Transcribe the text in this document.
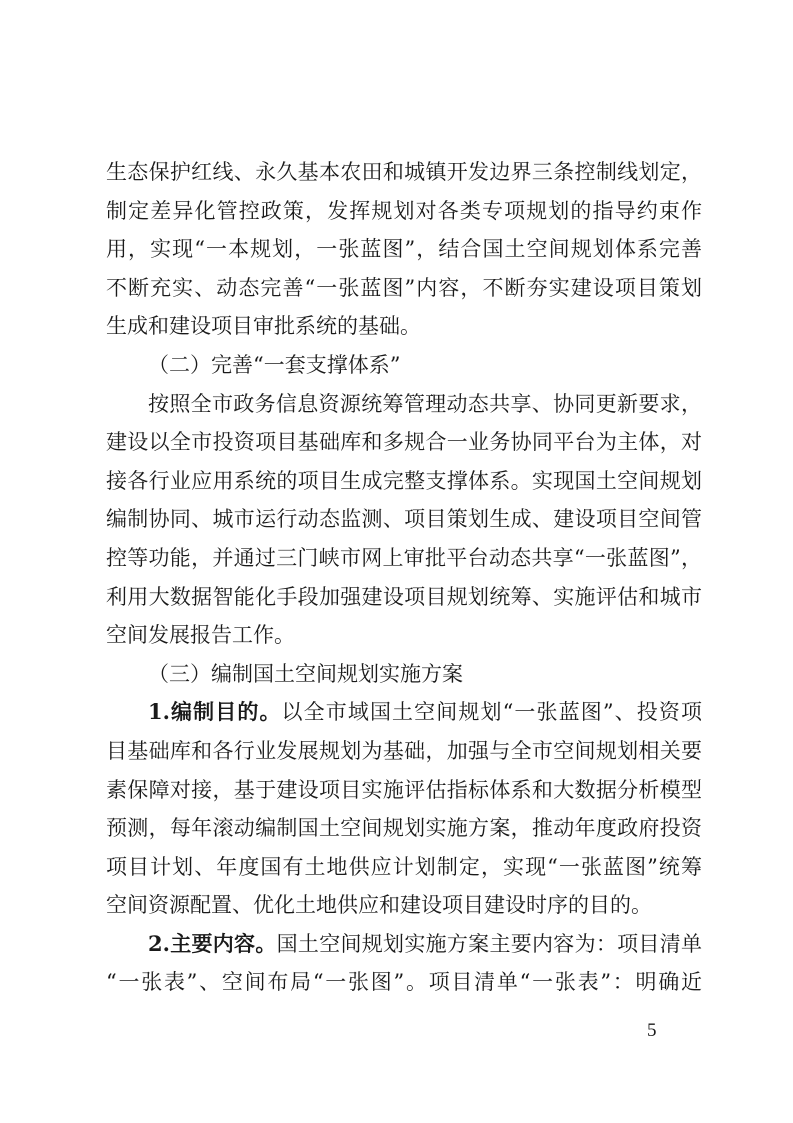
生态保护红线、永久基本农田和城镇开发边界三条控制线划定，
制定差异化管控政策，发挥规划对各类专项规划的指导约束作
用，实现“一本规划，一张蓝图”，结合国土空间规划体系完善
不断充实、动态完善“一张蓝图”内容，不断夯实建设项目策划
生成和建设项目审批系统的基础。
（二）完善“一套支撑体系”
按照全市政务信息资源统筹管理动态共享、协同更新要求，
建设以全市投资项目基础库和多规合一业务协同平台为主体，对
接各行业应用系统的项目生成完整支撑体系。实现国土空间规划
编制协同、城市运行动态监测、项目策划生成、建设项目空间管
控等功能，并通过三门峡市网上审批平台动态共享“一张蓝图”，
利用大数据智能化手段加强建设项目规划统筹、实施评估和城市
空间发展报告工作。
（三）编制国土空间规划实施方案
1.编制目的。以全市域国土空间规划“一张蓝图”、投资项
目基础库和各行业发展规划为基础，加强与全市空间规划相关要
素保障对接，基于建设项目实施评估指标体系和大数据分析模型
预测，每年滚动编制国土空间规划实施方案，推动年度政府投资
项目计划、年度国有土地供应计划制定，实现“一张蓝图”统筹
空间资源配置、优化土地供应和建设项目建设时序的目的。
2.主要内容。国土空间规划实施方案主要内容为：项目清单
“一张表”、空间布局“一张图”。项目清单“一张表”：明确近
5
